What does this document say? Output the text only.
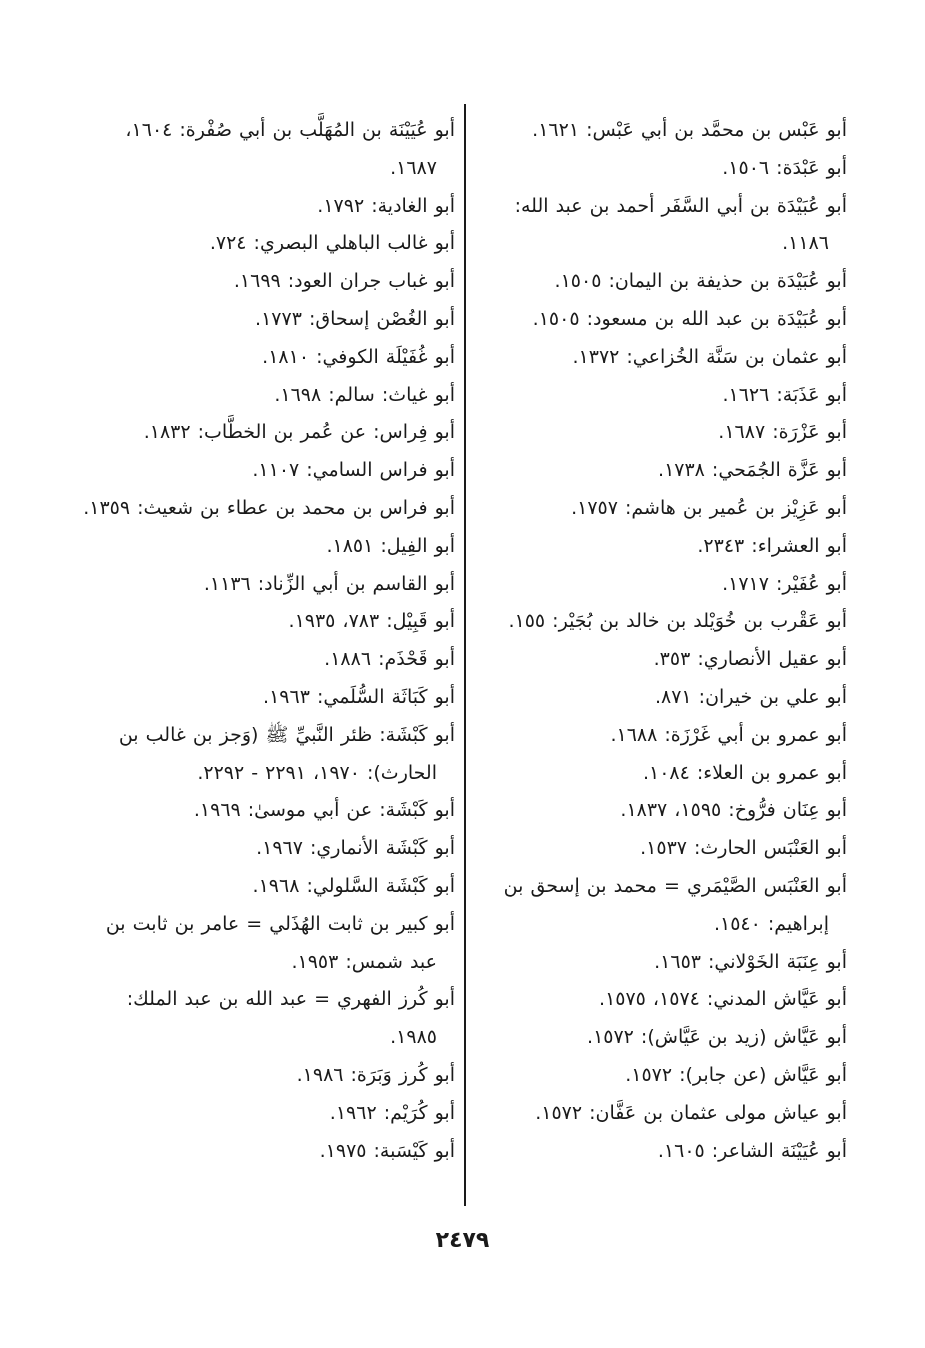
أبو عَبْس بن محمَّد بن أبي عَبْس: ١٦٢١.
أبو عَبْدَة: ١٥٠٦.
أبو عُبَيْدَة بن أبي السَّفَر أحمد بن عبد الله: ١١٨٦.
أبو عُبَيْدَة بن حذيفة بن اليمان: ١٥٠٥.
أبو عُبَيْدَة بن عبد الله بن مسعود: ١٥٠٥.
أبو عثمان بن سَنَّة الخُزاعي: ١٣٧٢.
أبو عَذَبَة: ١٦٢٦.
أبو عَزْرَة: ١٦٨٧.
أبو عَزَّة الجُمَحي: ١٧٣٨.
أبو عَزِيْز بن عُمير بن هاشم: ١٧٥٧.
أبو العشراء: ٢٣٤٣.
أبو عُفَيْر: ١٧١٧.
أبو عَقْرب بن خُوَيْلد بن خالد بن بُجَيْر: ١٥٥.
أبو عقيل الأنصاري: ٣٥٣.
أبو علي بن خيران: ٨٧١.
أبو عمرو بن أبي غَرْزَة: ١٦٨٨.
أبو عمرو بن العلاء: ١٠٨٤.
أبو عِنَان فرُّوخ: ١٥٩٥، ١٨٣٧.
أبو العَنْبَس الحارث: ١٥٣٧.
أبو العَنْبَس الصَّيْمَري = محمد بن إسحق بن إبراهيم: ١٥٤٠.
أبو عِنَبَة الخَوْلاني: ١٦٥٣.
أبو عَيَّاش المدني: ١٥٧٤، ١٥٧٥.
أبو عَيَّاش (زيد بن عَيَّاش): ١٥٧٢.
أبو عَيَّاش (عن جابر): ١٥٧٢.
أبو عياش مولى عثمان بن عَفَّان: ١٥٧٢.
أبو عُيَيْنَة الشاعر: ١٦٠٥.
أبو عُيَيْنَة بن المُهَلَّب بن أبي صُفْرة: ١٦٠٤، ١٦٨٧.
أبو الغادية: ١٧٩٢.
أبو غالب الباهلي البصري: ٧٢٤.
أبو غباب جران العود: ١٦٩٩.
أبو الغُصْن إسحاق: ١٧٧٣.
أبو غُفَيْلَة الكوفي: ١٨١٠.
أبو غياث: سالم: ١٦٩٨.
أبو فِراس: عن عُمر بن الخطَّاب: ١٨٣٢.
أبو فراس السامي: ١١٠٧.
أبو فراس بن محمد بن عطاء بن شعيث: ١٣٥٩.
أبو الفِيل: ١٨٥١.
أبو القاسم بن أبي الزِّناد: ١١٣٦.
أبو قَبِيْل: ٧٨٣، ١٩٣٥.
أبو قَحْذَم: ١٨٨٦.
أبو كَبَاثَة السُّلَمي: ١٩٦٣.
أبو كَبْشَة: ظئر النَّبيِّ ﷺ (وَجز بن غالب بن الحارث): ١٩٧٠، ٢٢٩١ - ٢٢٩٢.
أبو كَبْشَة: عن أبي موسىٰ: ١٩٦٩.
أبو كَبْشَة الأنماري: ١٩٦٧.
أبو كَبْشَة السَّلولي: ١٩٦٨.
أبو كبير بن ثابت الهُذَلي = عامر بن ثابت بن عبد شمس: ١٩٥٣.
أبو كُرز الفهري = عبد الله بن عبد الملك: ١٩٨٥.
أبو كُرز وَبَرَة: ١٩٨٦.
أبو كُرَيْم: ١٩٦٢.
أبو كَيْسَبة: ١٩٧٥.
٢٤٧٩
